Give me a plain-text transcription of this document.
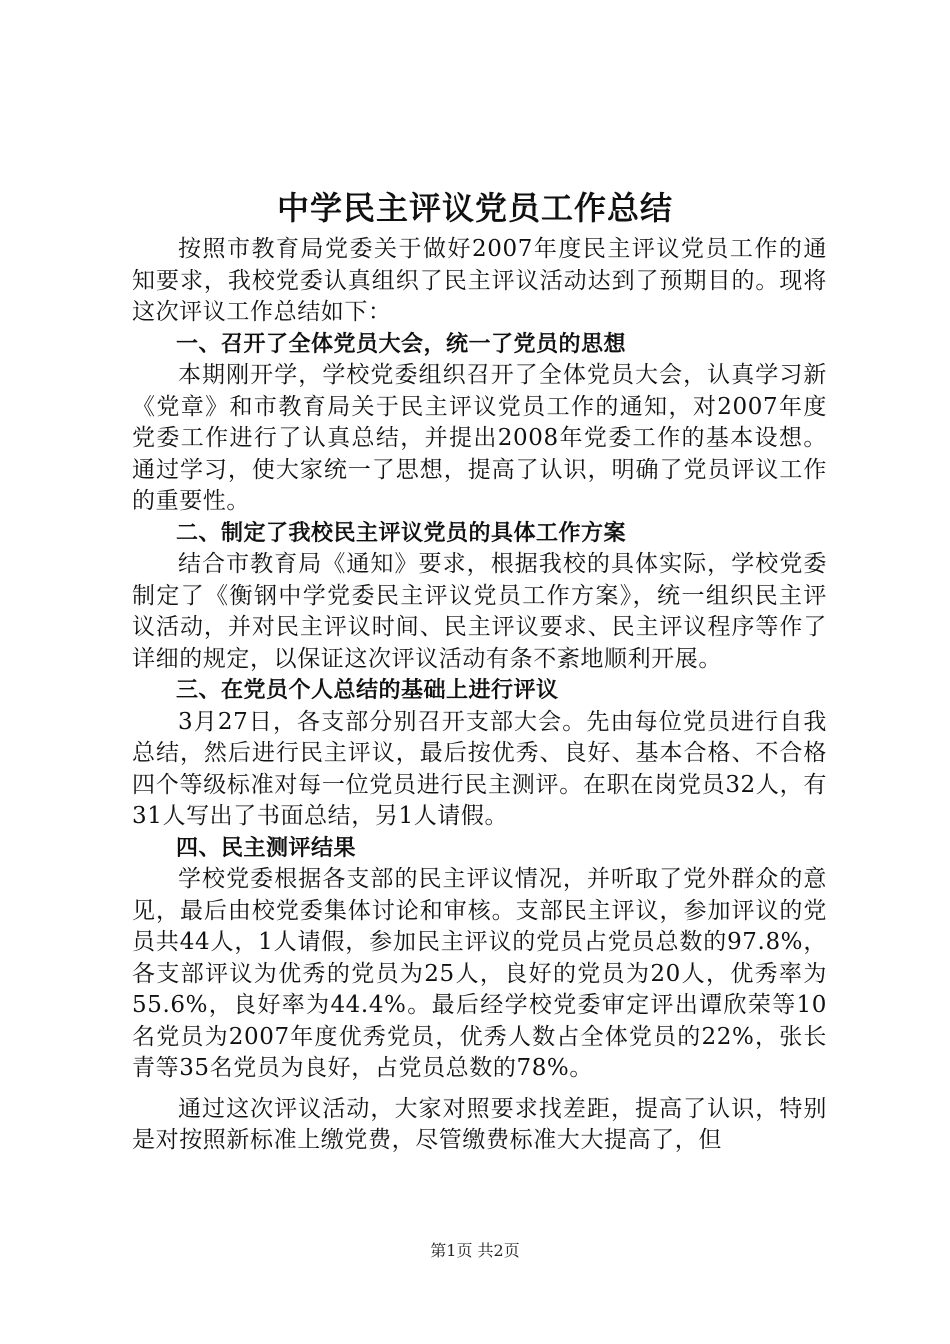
中学民主评议党员工作总结

按照市教育局党委关于做好2007年度民主评议党员工作的通知要求，我校党委认真组织了民主评议活动达到了预期目的。现将这次评议工作总结如下：

一、召开了全体党员大会，统一了党员的思想

本期刚开学，学校党委组织召开了全体党员大会，认真学习新《党章》和市教育局关于民主评议党员工作的通知，对2007年度党委工作进行了认真总结，并提出2008年党委工作的基本设想。通过学习，使大家统一了思想，提高了认识，明确了党员评议工作的重要性。

二、制定了我校民主评议党员的具体工作方案

结合市教育局《通知》要求，根据我校的具体实际，学校党委制定了《衡钢中学党委民主评议党员工作方案》，统一组织民主评议活动，并对民主评议时间、民主评议要求、民主评议程序等作了详细的规定，以保证这次评议活动有条不紊地顺利开展。

三、在党员个人总结的基础上进行评议

3月27日，各支部分别召开支部大会。先由每位党员进行自我总结，然后进行民主评议，最后按优秀、良好、基本合格、不合格四个等级标准对每一位党员进行民主测评。在职在岗党员32人，有31人写出了书面总结，另1人请假。

四、民主测评结果

学校党委根据各支部的民主评议情况，并听取了党外群众的意见，最后由校党委集体讨论和审核。支部民主评议，参加评议的党员共44人，1人请假，参加民主评议的党员占党员总数的97.8%，各支部评议为优秀的党员为25人，良好的党员为20人，优秀率为55.6%，良好率为44.4%。最后经学校党委审定评出谭欣荣等10名党员为2007年度优秀党员，优秀人数占全体党员的22%，张长青等35名党员为良好，占党员总数的78%。

通过这次评议活动，大家对照要求找差距，提高了认识，特别是对按照新标准上缴党费，尽管缴费标准大大提高了，但

第1页 共2页
